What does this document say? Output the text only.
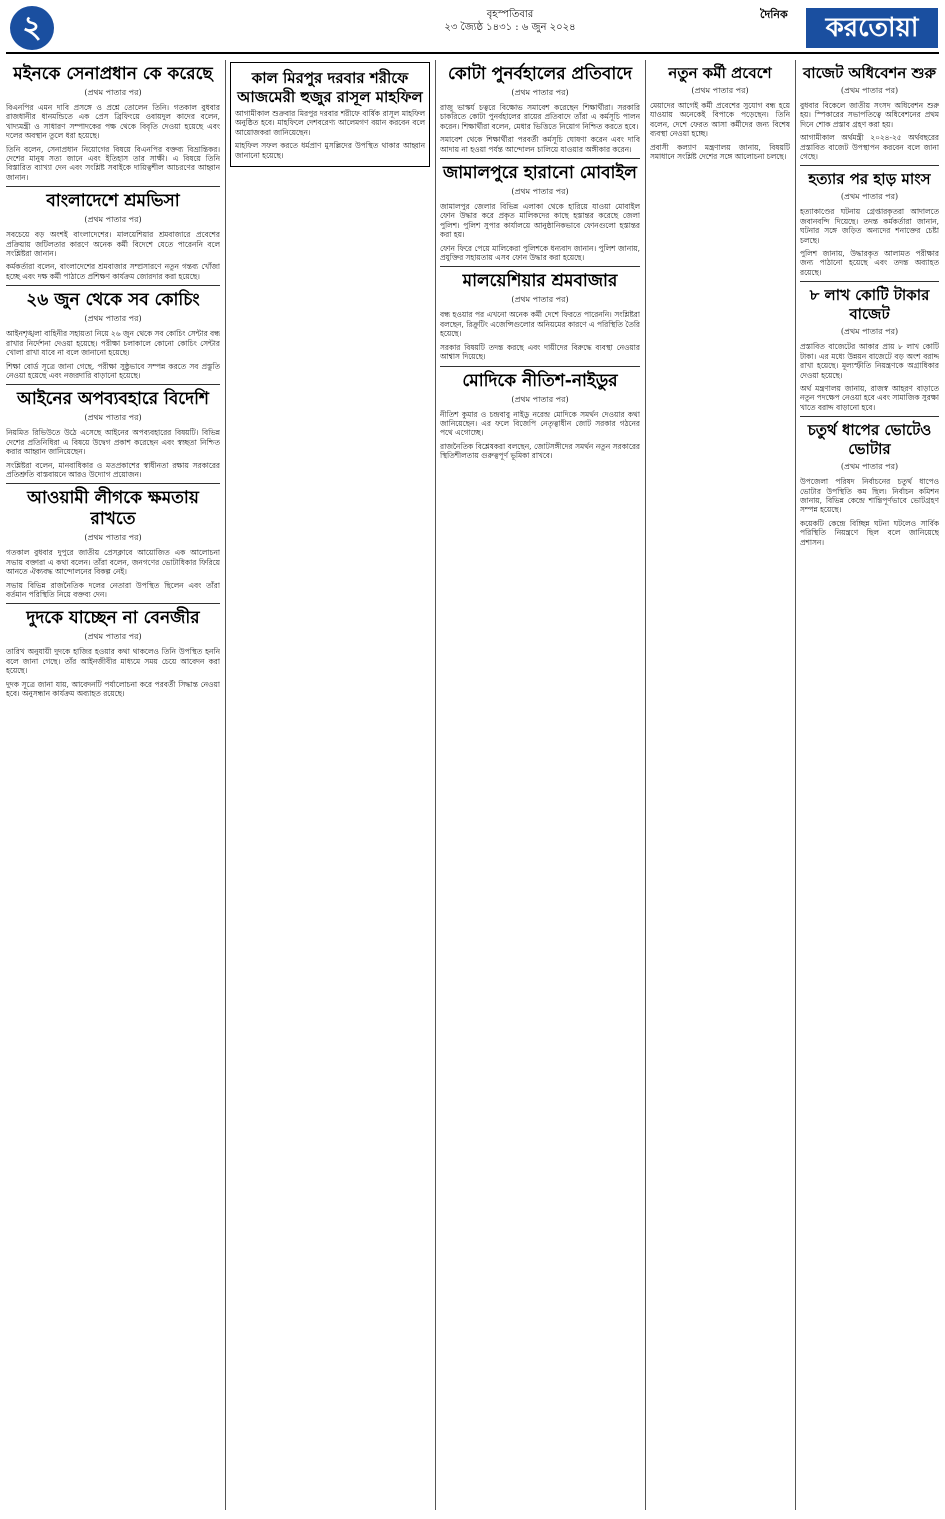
২	বৃহস্পতিবার
২৩ জ্যৈষ্ঠ ১৪৩১ : ৬ জুন ২০২৪
দৈনিক	করতোয়া
মইনকে সেনাপ্রধান কে করেছে
(প্রথম পাতার পর)

বিএনপির এমন দাবি প্রসঙ্গে ও প্রশ্নে তোলেন তিনি। গতকাল বুধবার রাজধানীর ধানমন্ডিতে এক প্রেস ব্রিফিংয়ে ওবায়দুল কাদের বলেন, খাদ্যমন্ত্রী ও সাধারণ সম্পাদকের পক্ষ থেকে বিবৃতি দেওয়া হয়েছে এবং দলের অবস্থান তুলে ধরা হয়েছে।

তিনি বলেন, সেনাপ্রধান নিয়োগের বিষয়ে বিএনপির বক্তব্য বিভ্রান্তিকর। দেশের মানুষ সত্য জানে এবং ইতিহাস তার সাক্ষী। এ বিষয়ে তিনি বিস্তারিত ব্যাখ্যা দেন এবং সংশ্লিষ্ট সবাইকে দায়িত্বশীল আচরণের আহ্বান জানান।

বাংলাদেশে শ্রমভিসা
(প্রথম পাতার পর)

সবচেয়ে বড় অংশই বাংলাদেশের। মালয়েশিয়ার শ্রমবাজারে প্রবেশের প্রক্রিয়ায় জটিলতার কারণে অনেক কর্মী বিদেশে যেতে পারেননি বলে সংশ্লিষ্টরা জানান।

কর্মকর্তারা বলেন, বাংলাদেশের শ্রমবাজার সম্প্রসারণে নতুন গন্তব্য খোঁজা হচ্ছে এবং দক্ষ কর্মী পাঠাতে প্রশিক্ষণ কার্যক্রম জোরদার করা হয়েছে।

২৬ জুন থেকে সব কোচিং
(প্রথম পাতার পর)

আইনশৃঙ্খলা বাহিনীর সহায়তা নিয়ে ২৬ জুন থেকে সব কোচিং সেন্টার বন্ধ রাখার নির্দেশনা দেওয়া হয়েছে। পরীক্ষা চলাকালে কোনো কোচিং সেন্টার খোলা রাখা যাবে না বলে জানানো হয়েছে।

শিক্ষা বোর্ড সূত্রে জানা গেছে, পরীক্ষা সুষ্ঠুভাবে সম্পন্ন করতে সব প্রস্তুতি নেওয়া হয়েছে এবং নজরদারি বাড়ানো হয়েছে।

আইনের অপব্যবহারে বিদেশি
(প্রথম পাতার পর)

নিয়মিত রিভিউতে উঠে এসেছে আইনের অপব্যবহারের বিষয়টি। বিভিন্ন দেশের প্রতিনিধিরা এ বিষয়ে উদ্বেগ প্রকাশ করেছেন এবং স্বচ্ছতা নিশ্চিত করার আহ্বান জানিয়েছেন।

সংশ্লিষ্টরা বলেন, মানবাধিকার ও মতপ্রকাশের স্বাধীনতা রক্ষায় সরকারের প্রতিশ্রুতি বাস্তবায়নে আরও উদ্যোগ প্রয়োজন।

আওয়ামী লীগকে ক্ষমতায় রাখতে
(প্রথম পাতার পর)

গতকাল বুধবার দুপুরে জাতীয় প্রেসক্লাবে আয়োজিত এক আলোচনা সভায় বক্তারা এ কথা বলেন। তাঁরা বলেন, জনগণের ভোটাধিকার ফিরিয়ে আনতে ঐক্যবদ্ধ আন্দোলনের বিকল্প নেই।

সভায় বিভিন্ন রাজনৈতিক দলের নেতারা উপস্থিত ছিলেন এবং তাঁরা বর্তমান পরিস্থিতি নিয়ে বক্তব্য দেন।

দুদকে যাচ্ছেন না বেনজীর
(প্রথম পাতার পর)

তারিখ অনুযায়ী দুদকে হাজির হওয়ার কথা থাকলেও তিনি উপস্থিত হননি বলে জানা গেছে। তাঁর আইনজীবীর মাধ্যমে সময় চেয়ে আবেদন করা হয়েছে।

দুদক সূত্রে জানা যায়, আবেদনটি পর্যালোচনা করে পরবর্তী সিদ্ধান্ত নেওয়া হবে। অনুসন্ধান কার্যক্রম অব্যাহত রয়েছে।

কাল মিরপুর দরবার শরীফে আজমেরী হুজুর রাসূল মাহফিল

আগামীকাল শুক্রবার মিরপুর দরবার শরীফে বার্ষিক রাসূল মাহফিল অনুষ্ঠিত হবে। মাহফিলে দেশবরেণ্য আলেমগণ বয়ান করবেন বলে আয়োজকরা জানিয়েছেন।

মাহফিল সফল করতে ধর্মপ্রাণ মুসল্লিদের উপস্থিত থাকার আহ্বান জানানো হয়েছে।

কোটা পুনর্বহালের প্রতিবাদে
(প্রথম পাতার পর)

রাজু ভাস্কর্য চত্বরে বিক্ষোভ সমাবেশ করেছেন শিক্ষার্থীরা। সরকারি চাকরিতে কোটা পুনর্বহালের রায়ের প্রতিবাদে তাঁরা এ কর্মসূচি পালন করেন। শিক্ষার্থীরা বলেন, মেধার ভিত্তিতে নিয়োগ নিশ্চিত করতে হবে।

সমাবেশ থেকে শিক্ষার্থীরা পরবর্তী কর্মসূচি ঘোষণা করেন এবং দাবি আদায় না হওয়া পর্যন্ত আন্দোলন চালিয়ে যাওয়ার অঙ্গীকার করেন।

জামালপুরে হারানো মোবাইল
(প্রথম পাতার পর)

জামালপুর জেলার বিভিন্ন এলাকা থেকে হারিয়ে যাওয়া মোবাইল ফোন উদ্ধার করে প্রকৃত মালিকদের কাছে হস্তান্তর করেছে জেলা পুলিশ। পুলিশ সুপার কার্যালয়ে আনুষ্ঠানিকভাবে ফোনগুলো হস্তান্তর করা হয়।

ফোন ফিরে পেয়ে মালিকেরা পুলিশকে ধন্যবাদ জানান। পুলিশ জানায়, প্রযুক্তির সহায়তায় এসব ফোন উদ্ধার করা হয়েছে।

মালয়েশিয়ার শ্রমবাজার
(প্রথম পাতার পর)

বন্ধ হওয়ার পর এখনো অনেক কর্মী দেশে ফিরতে পারেননি। সংশ্লিষ্টরা বলছেন, রিক্রুটিং এজেন্সিগুলোর অনিয়মের কারণে এ পরিস্থিতি তৈরি হয়েছে।

সরকার বিষয়টি তদন্ত করছে এবং দায়ীদের বিরুদ্ধে ব্যবস্থা নেওয়ার আশ্বাস দিয়েছে।

মোদিকে নীতিশ-নাইডুর
(প্রথম পাতার পর)

নীতিশ কুমার ও চন্দ্রবাবু নাইডু নরেন্দ্র মোদিকে সমর্থন দেওয়ার কথা জানিয়েছেন। এর ফলে বিজেপি নেতৃত্বাধীন জোট সরকার গঠনের পথে এগোচ্ছে।

রাজনৈতিক বিশ্লেষকরা বলছেন, জোটসঙ্গীদের সমর্থন নতুন সরকারের স্থিতিশীলতায় গুরুত্বপূর্ণ ভূমিকা রাখবে।

নতুন কর্মী প্রবেশে
(প্রথম পাতার পর)

মেয়াদের আগেই কর্মী প্রবেশের সুযোগ বন্ধ হয়ে যাওয়ায় অনেকেই বিপাকে পড়েছেন। তিনি বলেন, দেশে ফেরত আসা কর্মীদের জন্য বিশেষ ব্যবস্থা নেওয়া হচ্ছে।

প্রবাসী কল্যাণ মন্ত্রণালয় জানায়, বিষয়টি সমাধানে সংশ্লিষ্ট দেশের সঙ্গে আলোচনা চলছে।

বাজেট অধিবেশন শুরু
(প্রথম পাতার পর)

বুধবার বিকেলে জাতীয় সংসদ অধিবেশন শুরু হয়। স্পিকারের সভাপতিত্বে অধিবেশনের প্রথম দিনে শোক প্রস্তাব গ্রহণ করা হয়।

আগামীকাল অর্থমন্ত্রী ২০২৪-২৫ অর্থবছরের প্রস্তাবিত বাজেট উপস্থাপন করবেন বলে জানা গেছে।

হত্যার পর হাড় মাংস
(প্রথম পাতার পর)

হত্যাকাণ্ডের ঘটনায় গ্রেপ্তারকৃতরা আদালতে জবানবন্দি দিয়েছে। তদন্ত কর্মকর্তারা জানান, ঘটনার সঙ্গে জড়িত অন্যদের শনাক্তের চেষ্টা চলছে।

পুলিশ জানায়, উদ্ধারকৃত আলামত পরীক্ষার জন্য পাঠানো হয়েছে এবং তদন্ত অব্যাহত রয়েছে।

৮ লাখ কোটি টাকার বাজেট
(প্রথম পাতার পর)

প্রস্তাবিত বাজেটের আকার প্রায় ৮ লাখ কোটি টাকা। এর মধ্যে উন্নয়ন বাজেটে বড় অংশ বরাদ্দ রাখা হয়েছে। মূল্যস্ফীতি নিয়ন্ত্রণকে অগ্রাধিকার দেওয়া হয়েছে।

অর্থ মন্ত্রণালয় জানায়, রাজস্ব আহরণ বাড়াতে নতুন পদক্ষেপ নেওয়া হবে এবং সামাজিক সুরক্ষা খাতে বরাদ্দ বাড়ানো হবে।

চতুর্থ ধাপের ভোটেও ভোটার
(প্রথম পাতার পর)

উপজেলা পরিষদ নির্বাচনের চতুর্থ ধাপেও ভোটার উপস্থিতি কম ছিল। নির্বাচন কমিশন জানায়, বিভিন্ন কেন্দ্রে শান্তিপূর্ণভাবে ভোটগ্রহণ সম্পন্ন হয়েছে।

কয়েকটি কেন্দ্রে বিচ্ছিন্ন ঘটনা ঘটলেও সার্বিক পরিস্থিতি নিয়ন্ত্রণে ছিল বলে জানিয়েছে প্রশাসন।
